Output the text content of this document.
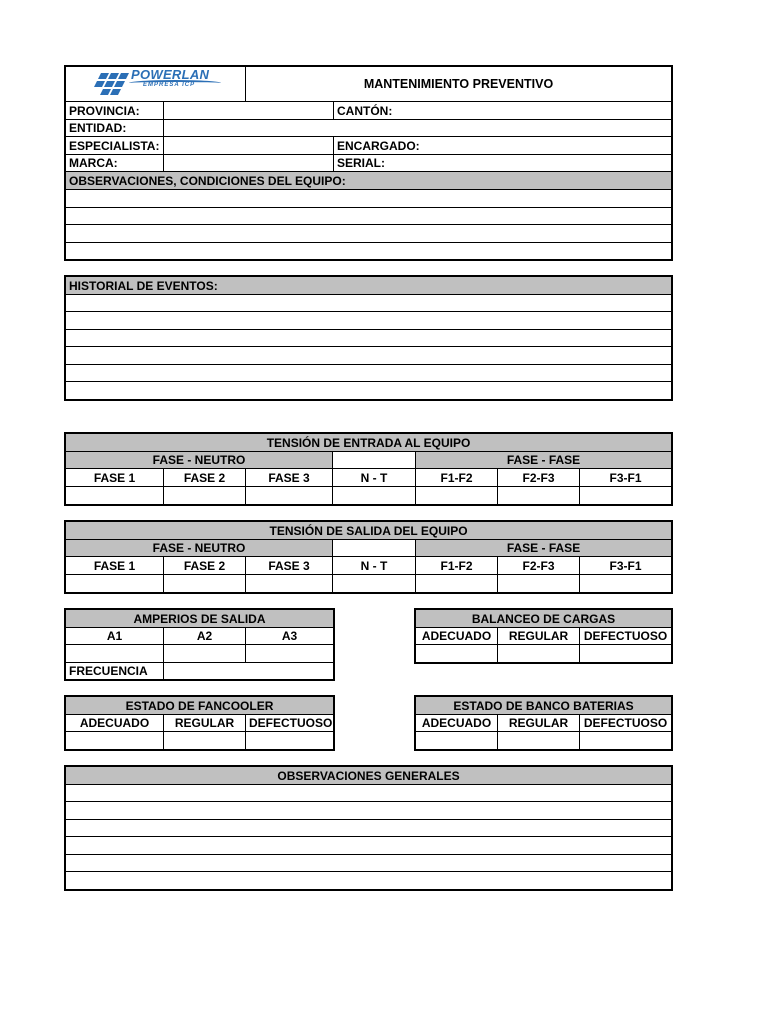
POWERLAN
EMPRESA ICP		MANTENIMIENTO PREVENTIVO	
PROVINCIA:			CANTÓN:
ENTIDAD:			
ESPECIALISTA:			ENCARGADO:
MARCA:			SERIAL:
OBSERVACIONES, CONDICIONES DEL EQUIPO:			

HISTORIAL DE EVENTOS:

TENSIÓN DE ENTRADA AL EQUIPO						
FASE - NEUTRO				FASE - FASE		
FASE 1	FASE 2	FASE 3	N - T	F1-F2	F2-F3	F3-F1

TENSIÓN DE SALIDA DEL EQUIPO						
FASE - NEUTRO				FASE - FASE		
FASE 1	FASE 2	FASE 3	N - T	F1-F2	F2-F3	F3-F1

AMPERIOS DE SALIDA		
A1	A2	A3

FRECUENCIA		
BALANCEO DE CARGAS		
ADECUADO	REGULAR	DEFECTUOSO

ESTADO DE FANCOOLER		
ADECUADO	REGULAR	DEFECTUOSO

ESTADO DE BANCO BATERIAS		
ADECUADO	REGULAR	DEFECTUOSO

OBSERVACIONES GENERALES
